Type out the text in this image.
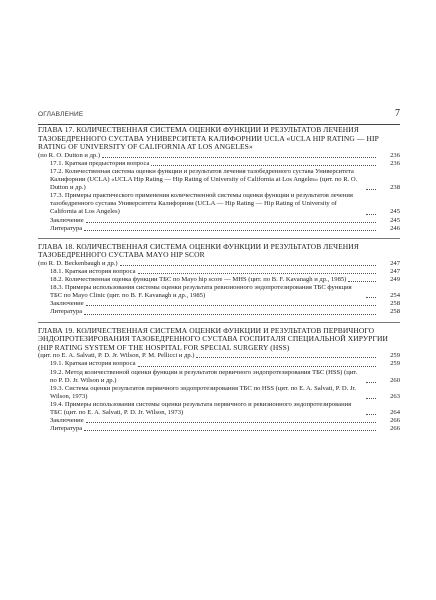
ОГЛАВЛЕНИЕ	7
ГЛАВА 17. КОЛИЧЕСТВЕННАЯ СИСТЕМА ОЦЕНКИ ФУНКЦИИ И РЕЗУЛЬТАТОВ ЛЕЧЕНИЯ ТАЗОБЕДРЕННОГО СУСТАВА УНИВЕРСИТЕТА КАЛИФОРНИИ UCLA «UCLA HIP RATING — HIP RATING OF UNIVERSITY OF CALIFORNIA AT LOS ANGELES»
(по R. O. Dutton и др.)	236
17.1. Краткая предыстория вопроса	236
17.2. Количественная система оценки функции и результатов лечения тазобедренного сустава Университета Калифорнии (UCLA) «UCLA Hip Rating — Hip Rating of University of California at Los Angeles» (цит. по R. O. Dutton и др.)	238
17.3. Примеры практического применения количественной системы оценки функции и результатов лечения тазобедренного сустава Университета Калифорнии (UCLA — Hip Rating — Hip Rating of University of California at Los Angeles)	245
Заключение	245
Литература	246
ГЛАВА 18. КОЛИЧЕСТВЕННАЯ СИСТЕМА ОЦЕНКИ ФУНКЦИИ И РЕЗУЛЬТАТОВ ЛЕЧЕНИЯ ТАЗОБЕДРЕННОГО СУСТАВА MAYO HIP SCOR
(по R. D. Beckenbaugh и др.)	247
18.1. Краткая история вопроса	247
18.2. Количественная оценка функции ТБС по Mayo hip score — MHS (цит. по B. F. Kavanagh и др., 1985)	249
18.3. Примеры использования системы оценки результата ревизионного эндопротезирования ТБС функция ТБС по Mayo Clinic (цит. по B. F. Kavanagh и др., 1985)	254
Заключение	258
Литература	258
ГЛАВА 19. КОЛИЧЕСТВЕННАЯ СИСТЕМА ОЦЕНКИ ФУНКЦИИ И РЕЗУЛЬТАТОВ ПЕРВИЧНОГО ЭНДОПРОТЕЗИРОВАНИЯ ТАЗОБЕДРЕННОГО СУСТАВА ГОСПИТАЛЯ СПЕЦИАЛЬНОЙ ХИРУРГИИ (HIP RATING SYSTEM OF THE HOSPITAL FOR SPECIAL SURGERY (HSS)
(цит. по E. A. Salvati, P. D. Jr. Wilson, P. M. Pellicci и др.)	259
19.1. Краткая история вопроса	259
19.2. Метод количественной оценки функции и результатов первичного эндопротезирования ТБС (HSS) (цит. по P. D. Jr. Wilson и др.)	260
19.3. Система оценки результатов первичного эндопротезирования ТБС по HSS (цит. по E. A. Salvati, P. D. Jr. Wilson, 1973)	263
19.4. Примеры использования системы оценки результата первичного и ревизионного эндопротезирования ТБС (цит. по E. A. Salvati, P. D. Jr. Wilson, 1973)	264
Заключение	266
Литература	266
